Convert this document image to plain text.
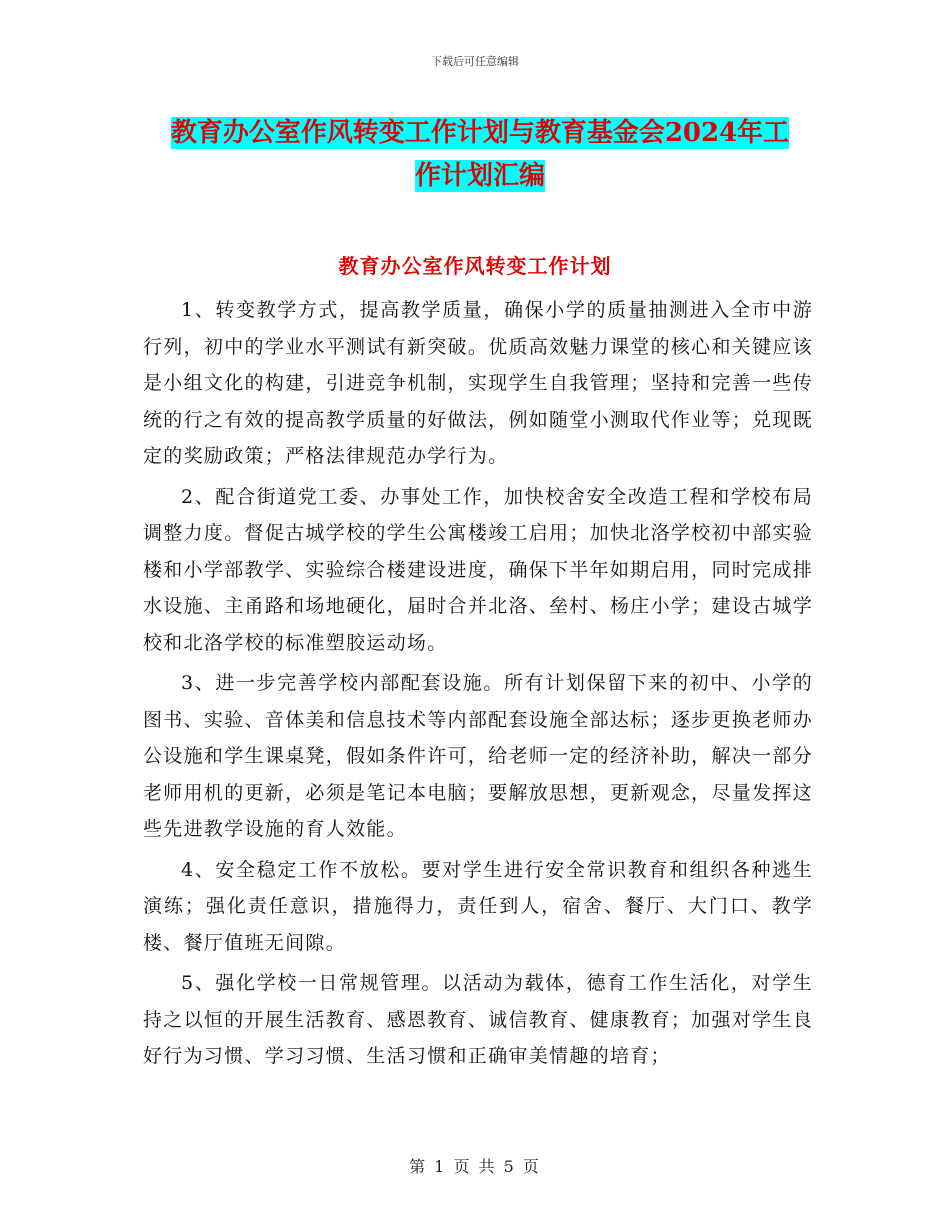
下载后可任意编辑
教育办公室作风转变工作计划与教育基金会2024年工
作计划汇编
教育办公室作风转变工作计划

1、转变教学方式，提高教学质量，确保小学的质量抽测进入全市中游行列，初中的学业水平测试有新突破。优质高效魅力课堂的核心和关键应该是小组文化的构建，引进竞争机制，实现学生自我管理；坚持和完善一些传统的行之有效的提高教学质量的好做法，例如随堂小测取代作业等；兑现既定的奖励政策；严格法律规范办学行为。

2、配合街道党工委、办事处工作，加快校舍安全改造工程和学校布局调整力度。督促古城学校的学生公寓楼竣工启用；加快北洛学校初中部实验楼和小学部教学、实验综合楼建设进度，确保下半年如期启用，同时完成排水设施、主甬路和场地硬化，届时合并北洛、垒村、杨庄小学；建设古城学校和北洛学校的标准塑胶运动场。

3、进一步完善学校内部配套设施。所有计划保留下来的初中、小学的图书、实验、音体美和信息技术等内部配套设施全部达标；逐步更换老师办公设施和学生课桌凳，假如条件许可，给老师一定的经济补助，解决一部分老师用机的更新，必须是笔记本电脑；要解放思想，更新观念，尽量发挥这些先进教学设施的育人效能。

4、安全稳定工作不放松。要对学生进行安全常识教育和组织各种逃生演练；强化责任意识，措施得力，责任到人，宿舍、餐厅、大门口、教学楼、餐厅值班无间隙。

5、强化学校一日常规管理。以活动为载体，德育工作生活化，对学生持之以恒的开展生活教育、感恩教育、诚信教育、健康教育；加强对学生良好行为习惯、学习习惯、生活习惯和正确审美情趣的培育；

第 1 页 共 5 页
